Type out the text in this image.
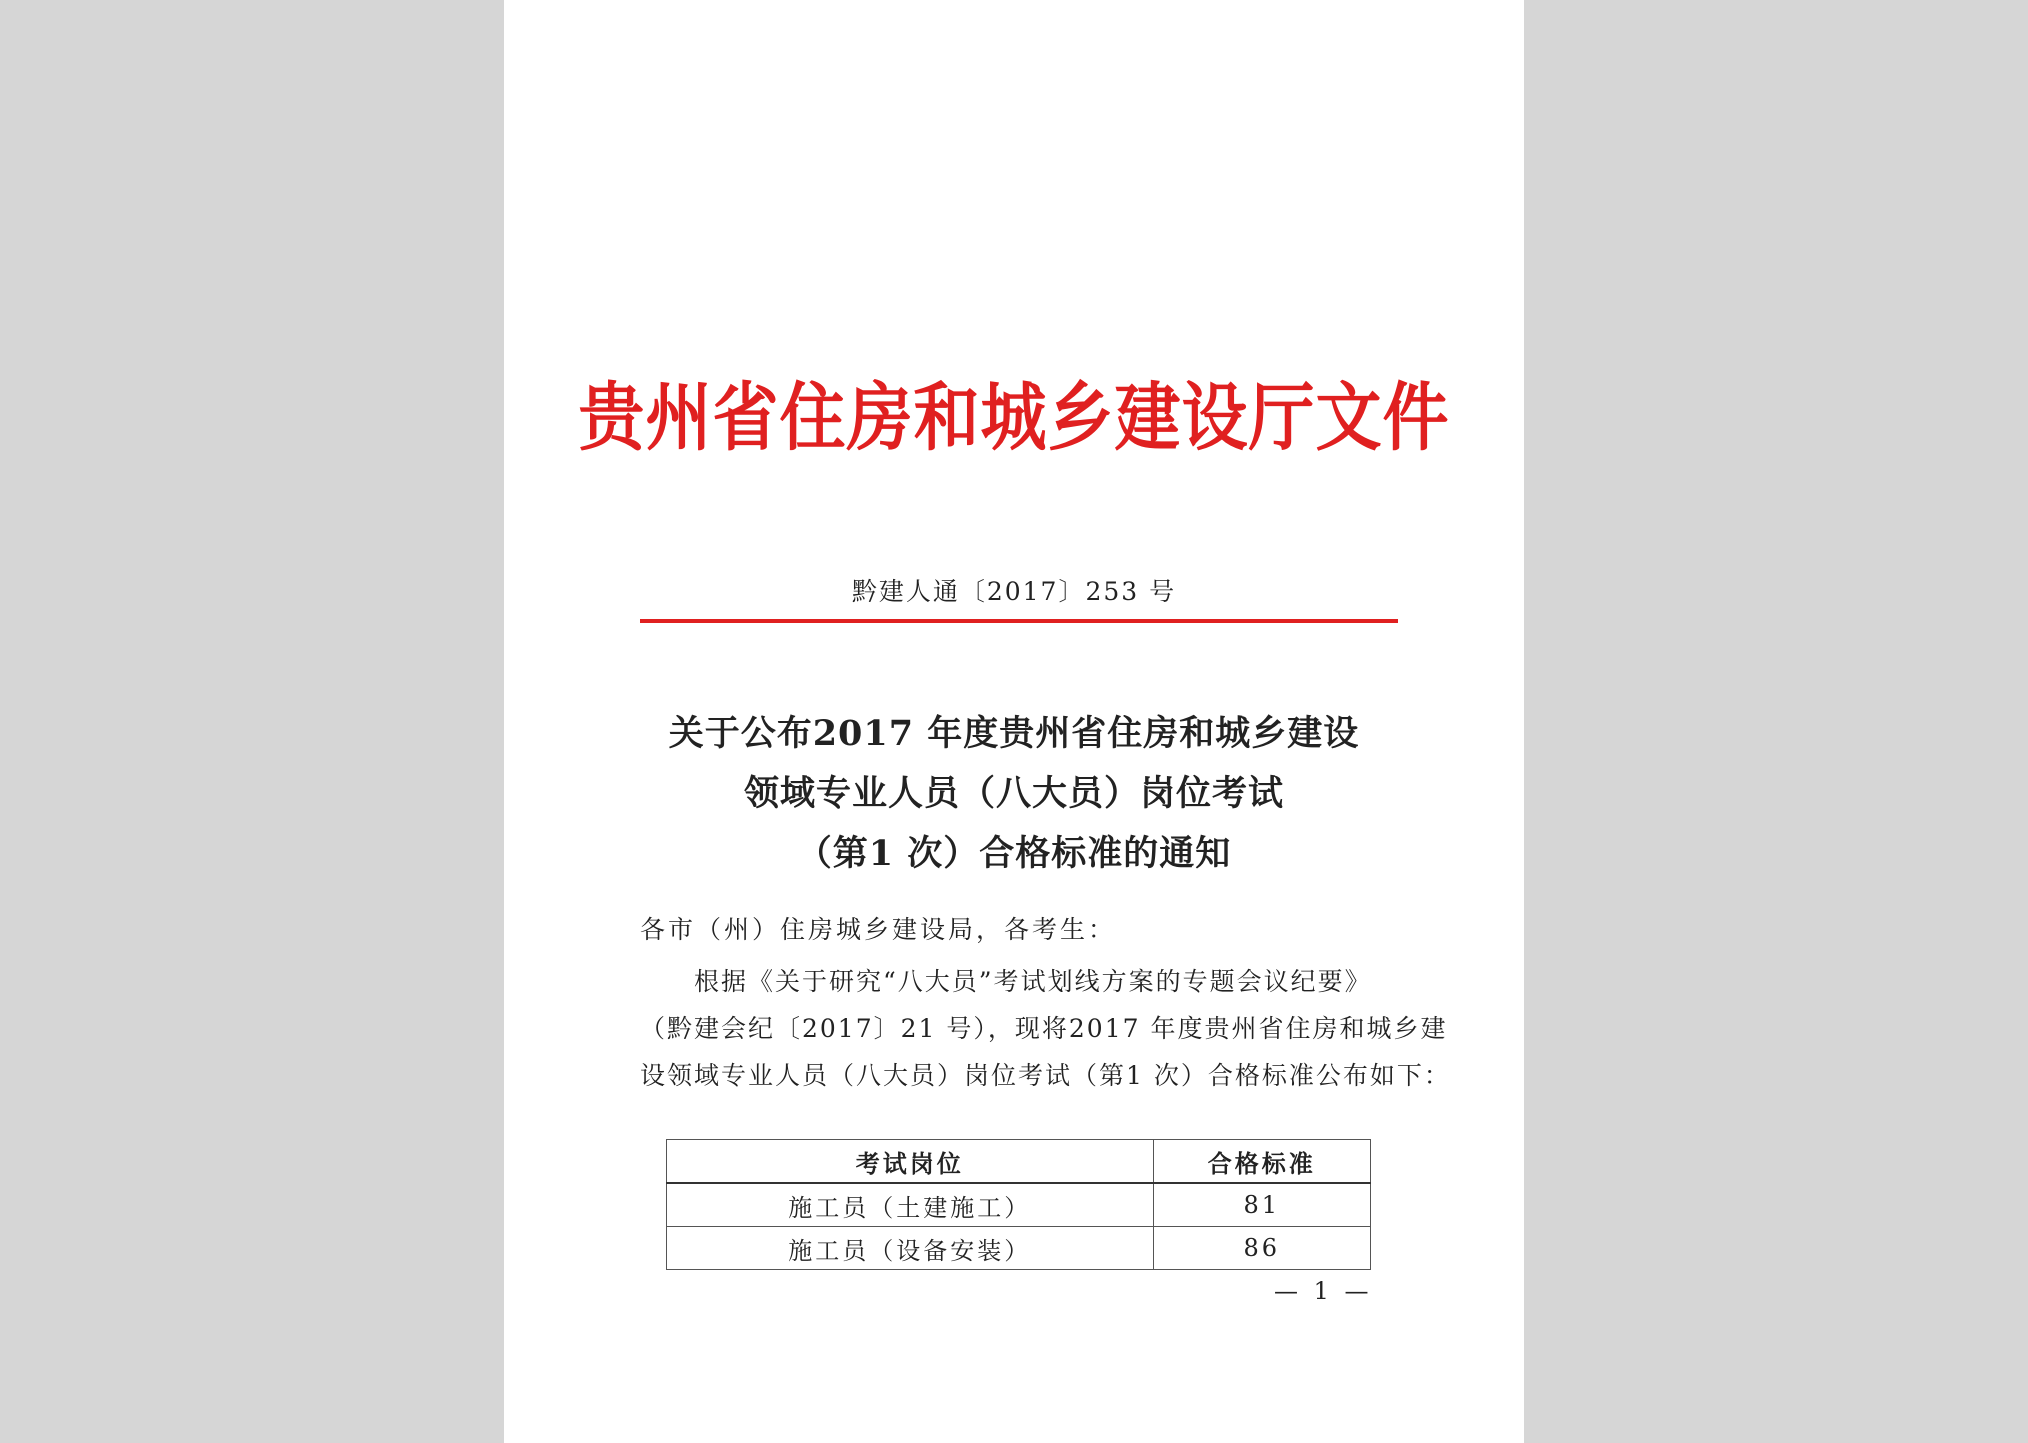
贵州省住房和城乡建设厅文件
黔建人通〔2017〕253 号
关于公布2017 年度贵州省住房和城乡建设
领域专业人员（八大员）岗位考试
（第1 次）合格标准的通知
各市（州）住房城乡建设局，各考生：
根据《关于研究“八大员”考试划线方案的专题会议纪要》
（黔建会纪〔2017〕21 号），现将2017 年度贵州省住房和城乡建
设领域专业人员（八大员）岗位考试（第1 次）合格标准公布如下：
考试岗位	合格标准
施工员（土建施工）	81
施工员（设备安装）	86
— 1 —
